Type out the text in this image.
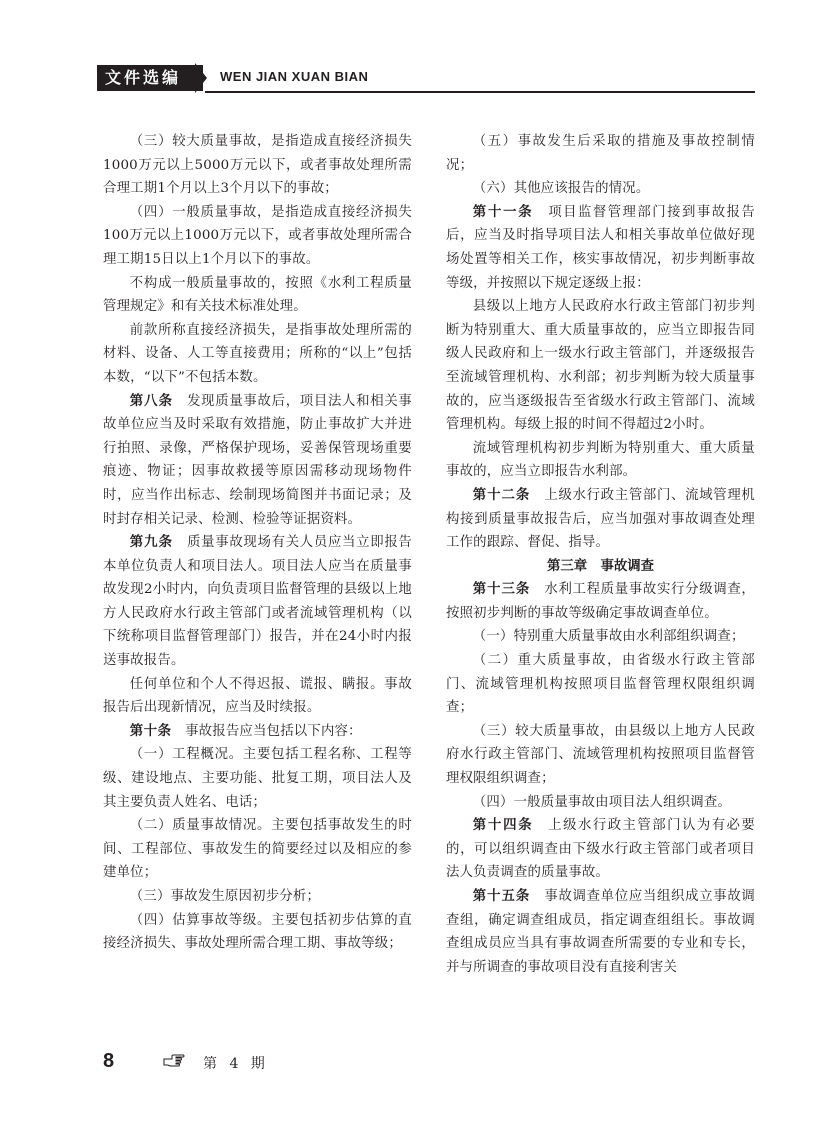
文件选编	WEN JIAN XUAN BIAN

（三）较大质量事故，是指造成直接经济损失1000万元以上5000万元以下，或者事故处理所需合理工期1个月以上3个月以下的事故；

（四）一般质量事故，是指造成直接经济损失100万元以上1000万元以下，或者事故处理所需合理工期15日以上1个月以下的事故。

不构成一般质量事故的，按照《水利工程质量管理规定》和有关技术标准处理。

前款所称直接经济损失，是指事故处理所需的材料、设备、人工等直接费用；所称的“以上”包括本数，“以下”不包括本数。

第八条　 发现质量事故后，项目法人和相关事故单位应当及时采取有效措施，防止事故扩大并进行拍照、录像，严格保护现场，妥善保管现场重要痕迹、物证；因事故救援等原因需移动现场物件时，应当作出标志、绘制现场简图并书面记录；及时封存相关记录、检测、检验等证据资料。

第九条　 质量事故现场有关人员应当立即报告本单位负责人和项目法人。项目法人应当在质量事故发现2小时内，向负责项目监督管理的县级以上地方人民政府水行政主管部门或者流域管理机构（以下统称项目监督管理部门）报告，并在24小时内报送事故报告。

任何单位和个人不得迟报、谎报、瞒报。事故报告后出现新情况，应当及时续报。

第十条　 事故报告应当包括以下内容：

（一）工程概况。主要包括工程名称、工程等级、建设地点、主要功能、批复工期，项目法人及其主要负责人姓名、电话；

（二）质量事故情况。主要包括事故发生的时间、工程部位、事故发生的简要经过以及相应的参建单位；

（三）事故发生原因初步分析；

（四）估算事故等级。主要包括初步估算的直接经济损失、事故处理所需合理工期、事故等级；

（五）事故发生后采取的措施及事故控制情况；

（六）其他应该报告的情况。

第十一条　 项目监督管理部门接到事故报告后，应当及时指导项目法人和相关事故单位做好现场处置等相关工作，核实事故情况，初步判断事故等级，并按照以下规定逐级上报：

县级以上地方人民政府水行政主管部门初步判断为特别重大、重大质量事故的，应当立即报告同级人民政府和上一级水行政主管部门，并逐级报告至流域管理机构、水利部；初步判断为较大质量事故的，应当逐级报告至省级水行政主管部门、流域管理机构。每级上报的时间不得超过2小时。

流域管理机构初步判断为特别重大、重大质量事故的，应当立即报告水利部。

第十二条　 上级水行政主管部门、流域管理机构接到质量事故报告后，应当加强对事故调查处理工作的跟踪、督促、指导。

第三章　事故调查

第十三条　 水利工程质量事故实行分级调查，按照初步判断的事故等级确定事故调查单位。

（一）特别重大质量事故由水利部组织调查；

（二）重大质量事故，由省级水行政主管部门、流域管理机构按照项目监督管理权限组织调查；

（三）较大质量事故，由县级以上地方人民政府水行政主管部门、流域管理机构按照项目监督管理权限组织调查；

（四）一般质量事故由项目法人组织调查。

第十四条　 上级水行政主管部门认为有必要的，可以组织调查由下级水行政主管部门或者项目法人负责调查的质量事故。

第十五条　 事故调查单位应当组织成立事故调查组，确定调查组成员，指定调查组组长。事故调查组成员应当具有事故调查所需要的专业和专长，并与所调查的事故项目没有直接利害关

8	第 4 期
